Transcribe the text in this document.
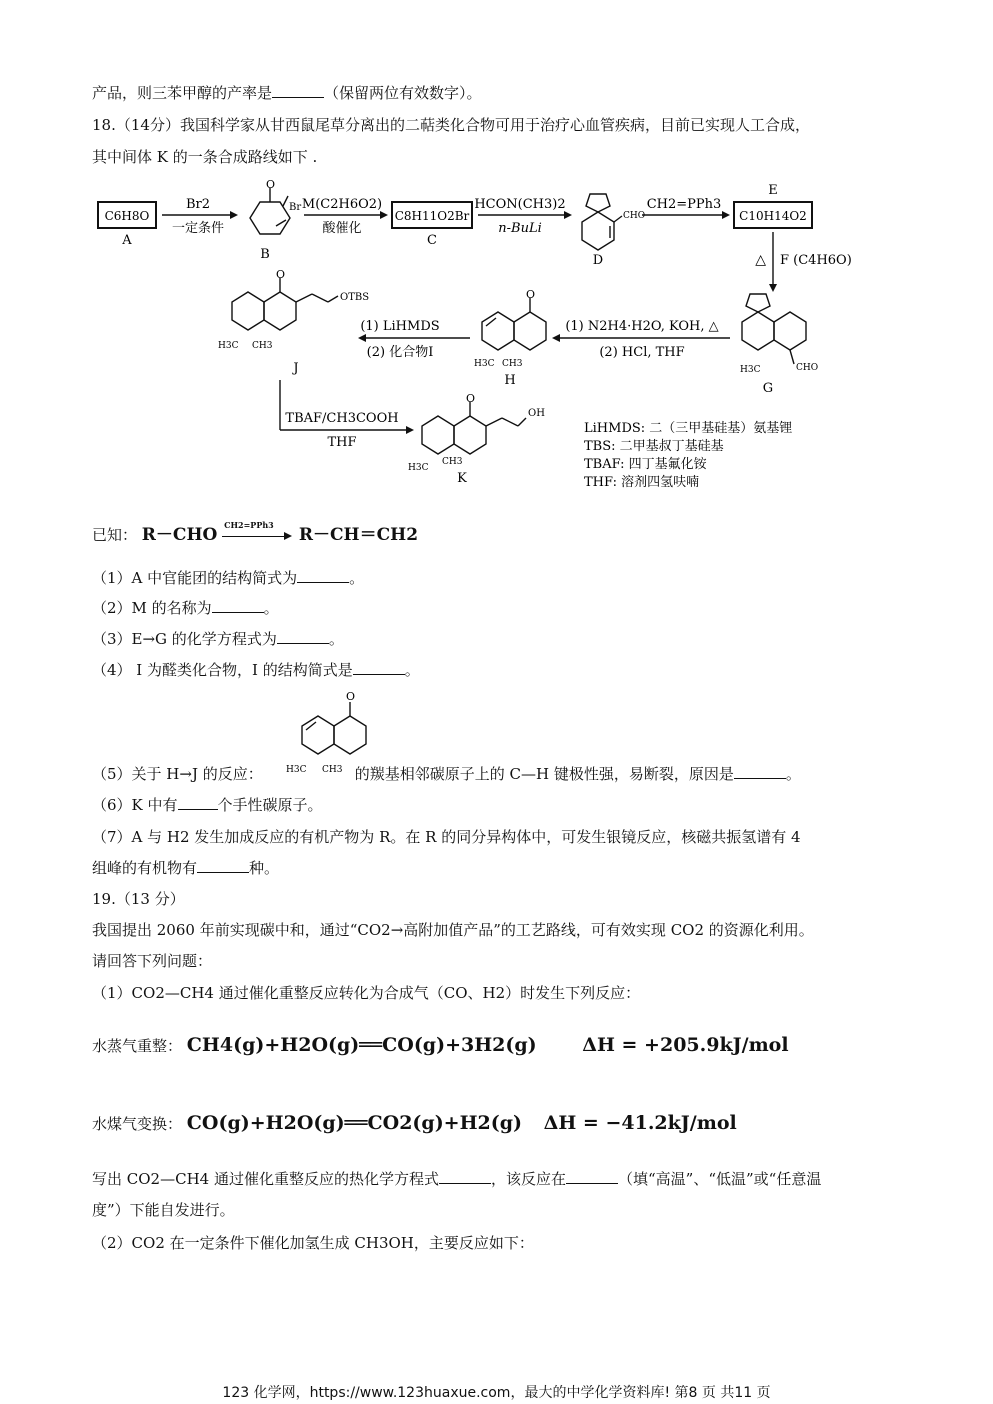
产品，则三苯甲醇的产率是	（保留两位有效数字）。
18.（14分）我国科学家从甘西鼠尾草分离出的二萜类化合物可用于治疗心血管疾病，目前已实现人工合成，
其中间体 K 的一条合成路线如下 .
C6H8O
A
Br2
一定条件
O
Br
B
M(C2H6O2)
酸催化
C8H11O2Br
C
HCON(CH3)2
n-BuLi
CHO
D
CH2=PPh3
C10H14O2
E
△ F (C4H6O)
H3C	CHO
G
(1) N2H4·H2O, KOH, △
(2) HCl, THF
O
H3C CH3
H
(1) LiHMDS
(2) 化合物I
O
OTBS
H3C CH3
J
TBAF/CH3COOH
THF
O
OH
H3C
CH3
K
LiHMDS: 二（三甲基硅基）氨基锂
TBS: 二甲基叔丁基硅基
TBAF: 四丁基氟化铵
THF: 溶剂四氢呋喃
已知： R－CHO CH2=PPh3 R－CH＝CH2
（1）A 中官能团的结构简式为	。
（2）M 的名称为	。
（3）E→G 的化学方程式为	。
（4） I 为醛类化合物，I 的结构简式是	。
O
H3C CH3
（5）关于 H→J 的反应：	的羰基相邻碳原子上的 C—H 键极性强，易断裂，原因是	。
（6）K 中有	个手性碳原子。
（7）A 与 H2 发生加成反应的有机产物为 R。在 R 的同分异构体中，可发生银镜反应，核磁共振氢谱有 4
组峰的有机物有	种。
19.（13 分）
我国提出 2060 年前实现碳中和，通过“CO2→高附加值产品”的工艺路线，可有效实现 CO2 的资源化利用。
请回答下列问题：
（1）CO2—CH4 通过催化重整反应转化为合成气（CO、H2）时发生下列反应：
水蒸气重整： CH4(g)+H2O(g)══CO(g)+3H2(g) ΔH = +205.9kJ/mol
水煤气变换： CO(g)+H2O(g)══CO2(g)+H2(g) ΔH = −41.2kJ/mol
写出 CO2—CH4 通过催化重整反应的热化学方程式	，该反应在	（填“高温”、“低温”或“任意温
度”）下能自发进行。
（2）CO2 在一定条件下催化加氢生成 CH3OH，主要反应如下：
123 化学网，https://www.123huaxue.com，最大的中学化学资料库! 第8 页 共11 页
